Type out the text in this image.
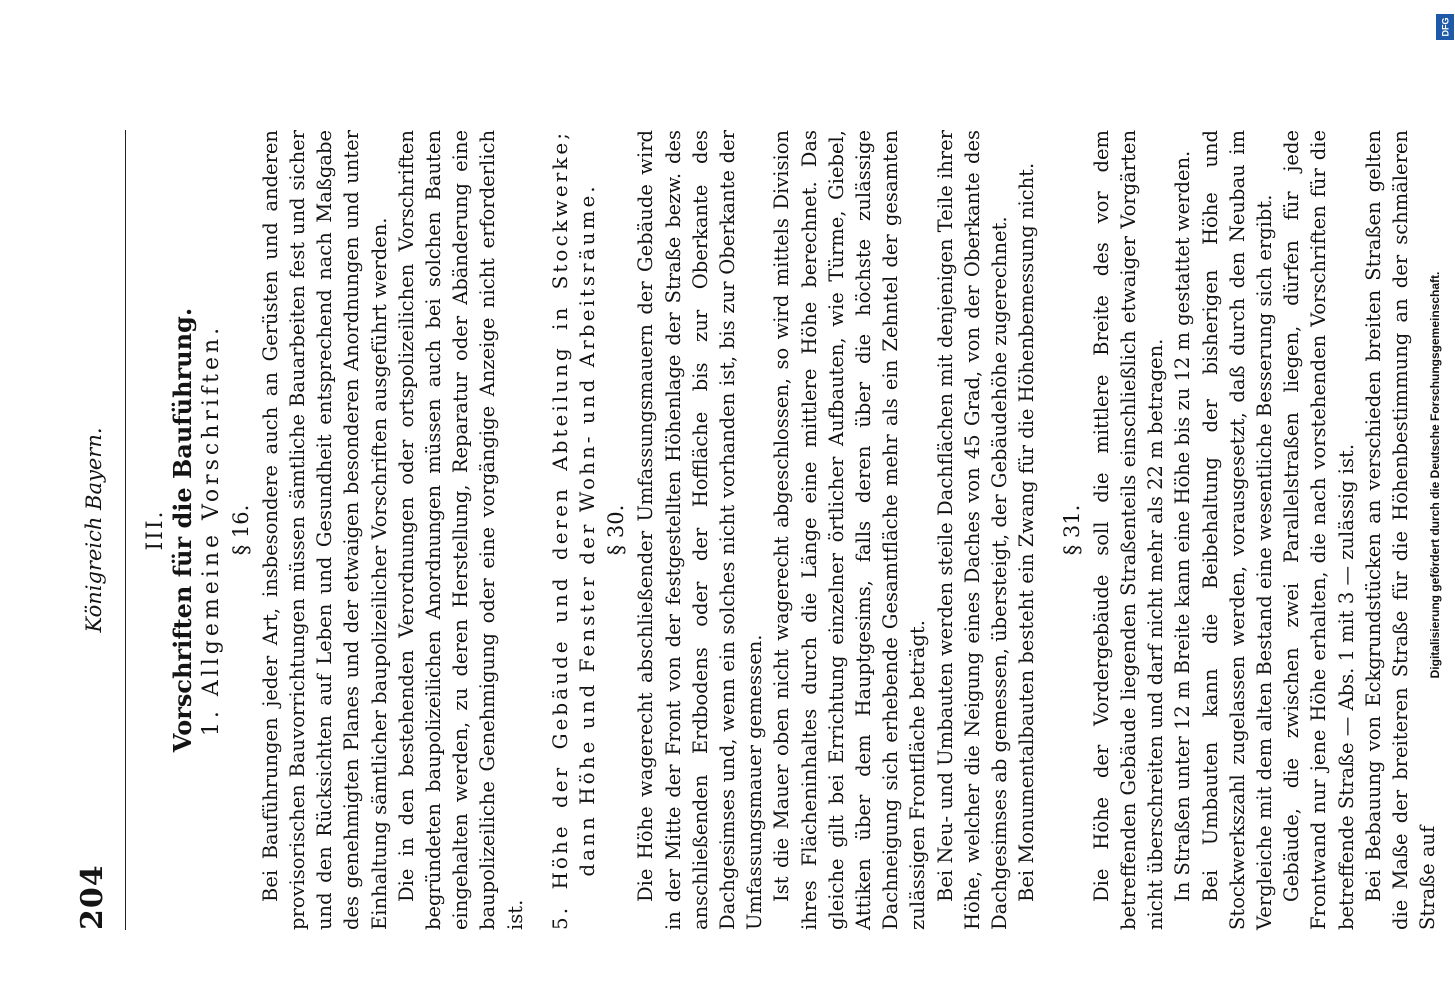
204
Königreich Bayern. III. Vorschriften für die Bauführung. 1. Allgemeine Vorschriften. § 16. Bei Bauführungen jeder Art, insbesondere auch an Gerüsten und anderen provisorischen Bauvorrichtungen müssen sämtliche Bauarbeiten fest und sicher und den Rücksichten auf Leben und Gesundheit entsprechend nach Maßgabe des genehmigten Planes und der etwaigen besonderen Anordnungen und unter Einhaltung sämtlicher baupolizeilicher Vorschriften ausgeführt werden. Die in den bestehenden Verordnungen oder ortspolizeilichen Vorschriften begründeten baupolizeilichen Anordnungen müssen auch bei solchen Bauten eingehalten werden, zu deren Herstellung, Reparatur oder Abänderung eine baupolizeiliche Genehmigung oder eine vorgängige Anzeige nicht erforderlich ist. 5. Höhe der Gebäude und deren Abteilung in Stockwerke; dann Höhe und Fenster der Wohn- und Arbeitsräume. § 30. Die Höhe wagerecht abschließender Umfassungsmauern der Gebäude wird in der Mitte der Front von der festgestellten Höhenlage der Straße bezw. des anschließenden Erdbodens oder der Hoffläche bis zur Oberkante des Dachgesimses und, wenn ein solches nicht vorhanden ist, bis zur Oberkante der Umfassungsmauer gemessen. Ist die Mauer oben nicht wagerecht abgeschlossen, so wird mittels Division ihres Flächeninhaltes durch die Länge eine mittlere Höhe berechnet. Das gleiche gilt bei Errichtung einzelner örtlicher Aufbauten, wie Türme, Giebel, Attiken über dem Hauptgesims, falls deren über die höchste zulässige Dachneigung sich erhebende Gesamtfläche mehr als ein Zehntel der gesamten zulässigen Frontfläche beträgt. Bei Neu- und Umbauten werden steile Dachflächen mit denjenigen Teile ihrer Höhe, welcher die Neigung eines Daches von 45 Grad, von der Oberkante des Dachgesimses ab gemessen, übersteigt, der Gebäudehöhe zugerechnet. Bei Monumentalbauten besteht ein Zwang für die Höhenbemessung nicht. § 31. Die Höhe der Vordergebäude soll die mittlere Breite des vor dem betreffenden Gebäude liegenden Straßenteils einschließlich etwaiger Vorgärten nicht überschreiten und darf nicht mehr als 22 m betragen. In Straßen unter 12 m Breite kann eine Höhe bis zu 12 m gestattet werden. Bei Umbauten kann die Beibehaltung der bisherigen Höhe und Stockwerkszahl zugelassen werden, vorausgesetzt, daß durch den Neubau im Vergleiche mit dem alten Bestand eine wesentliche Besserung sich ergibt. Gebäude, die zwischen zwei Parallelstraßen liegen, dürfen für jede Frontwand nur jene Höhe erhalten, die nach vorstehenden Vorschriften für die betreffende Straße — Abs. 1 mit 3 — zulässig ist. Bei Bebauung von Eckgrundstücken an verschieden breiten Straßen gelten die Maße der breiteren Straße für die Höhenbestimmung an der schmäleren Straße auf

DFG
Digitalisierung gefördert durch die Deutsche Forschungsgemeinschaft.
